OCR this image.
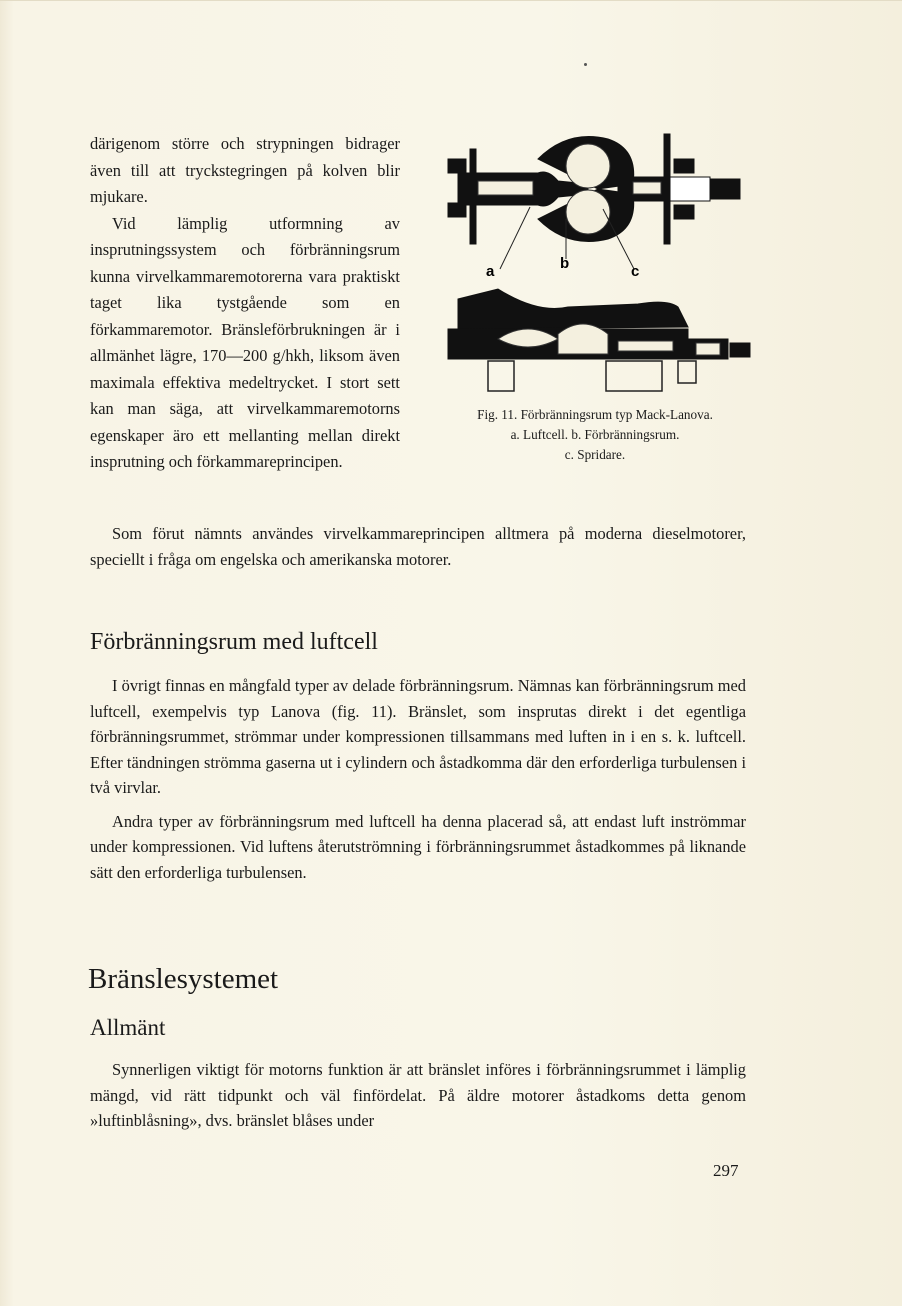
därigenom större och strypningen bidrager även till att tryckstegringen på kolven blir mjukare.

Vid lämplig utformning av insprutningssystem och förbränningsrum kunna virvelkammaremotorerna vara praktiskt taget lika tystgående som en förkammaremotor. Bränsleförbrukningen är i allmänhet lägre, 170—200 g/hkh, liksom även maximala effektiva medeltrycket. I stort sett kan man säga, att virvelkammaremotorns egenskaper äro ett mellanting mellan direkt insprutning och förkammareprincipen.

a	b	c
Fig. 11. Förbränningsrum typ Mack-Lanova.
a. Luftcell. b. Förbränningsrum.
c. Spridare.

Som förut nämnts användes virvelkammareprincipen alltmera på moderna dieselmotorer, speciellt i fråga om engelska och amerikanska motorer.

Förbränningsrum med luftcell

I övrigt finnas en mångfald typer av delade förbränningsrum. Nämnas kan förbränningsrum med luftcell, exempelvis typ Lanova (fig. 11). Bränslet, som insprutas direkt i det egentliga förbränningsrummet, strömmar under kompressionen tillsammans med luften in i en s. k. luftcell. Efter tändningen strömma gaserna ut i cylindern och åstadkomma där den erforderliga turbulensen i två virvlar.

Andra typer av förbränningsrum med luftcell ha denna placerad så, att endast luft inströmmar under kompressionen. Vid luftens återutströmning i förbränningsrummet åstadkommes på liknande sätt den erforderliga turbulensen.

Bränslesystemet
Allmänt

Synnerligen viktigt för motorns funktion är att bränslet införes i förbränningsrummet i lämplig mängd, vid rätt tidpunkt och väl finfördelat. På äldre motorer åstadkoms detta genom »luftinblåsning», dvs. bränslet blåses under

297
